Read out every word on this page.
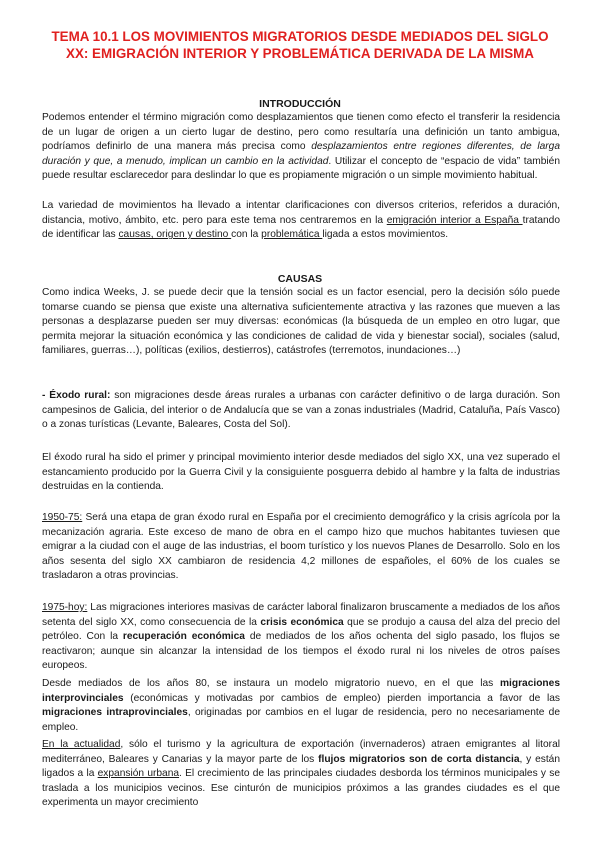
TEMA 10.1 LOS MOVIMIENTOS MIGRATORIOS DESDE MEDIADOS DEL SIGLO XX: EMIGRACIÓN INTERIOR Y PROBLEMÁTICA DERIVADA DE LA MISMA
INTRODUCCIÓN
Podemos entender el término migración como desplazamientos que tienen como efecto el transferir la residencia de un lugar de origen a un cierto lugar de destino, pero como resultaría una definición un tanto ambigua, podríamos definirlo de una manera más precisa como desplazamientos entre regiones diferentes, de larga duración y que, a menudo, implican un cambio en la actividad. Utilizar el concepto de “espacio de vida” también puede resultar esclarecedor para deslindar lo que es propiamente migración o un simple movimiento habitual.
La variedad de movimientos ha llevado a intentar clarificaciones con diversos criterios, referidos a duración, distancia, motivo, ámbito, etc. pero para este tema nos centraremos en la emigración interior a España tratando de identificar las causas, origen y destino con la problemática ligada a estos movimientos.
CAUSAS
Como indica Weeks, J. se puede decir que la tensión social es un factor esencial, pero la decisión sólo puede tomarse cuando se piensa que existe una alternativa suficientemente atractiva y las razones que mueven a las personas a desplazarse pueden ser muy diversas: económicas (la búsqueda de un empleo en otro lugar, que permita mejorar la situación económica y las condiciones de calidad de vida y bienestar social), sociales (salud, familiares, guerras…), políticas (exilios, destierros), catástrofes (terremotos, inundaciones…)
- Éxodo rural: son migraciones desde áreas rurales a urbanas con carácter definitivo o de larga duración. Son campesinos de Galicia, del interior o de Andalucía que se van a zonas industriales (Madrid, Cataluña, País Vasco) o a zonas turísticas (Levante, Baleares, Costa del Sol).
El éxodo rural ha sido el primer y principal movimiento interior desde mediados del siglo XX, una vez superado el estancamiento producido por la Guerra Civil y la consiguiente posguerra debido al hambre y la falta de industrias destruidas en la contienda.
1950-75: Será una etapa de gran éxodo rural en España por el crecimiento demográfico y la crisis agrícola por la mecanización agraria. Este exceso de mano de obra en el campo hizo que muchos habitantes tuviesen que emigrar a la ciudad con el auge de las industrias, el boom turístico y los nuevos Planes de Desarrollo. Solo en los años sesenta del siglo XX cambiaron de residencia 4,2 millones de españoles, el 60% de los cuales se trasladaron a otras provincias.
1975-hoy: Las migraciones interiores masivas de carácter laboral finalizaron bruscamente a mediados de los años setenta del siglo XX, como consecuencia de la crisis económica que se produjo a causa del alza del precio del petróleo. Con la recuperación económica de mediados de los años ochenta del siglo pasado, los flujos se reactivaron; aunque sin alcanzar la intensidad de los tiempos el éxodo rural ni los niveles de otros países europeos.
Desde mediados de los años 80, se instaura un modelo migratorio nuevo, en el que las migraciones interprovinciales (económicas y motivadas por cambios de empleo) pierden importancia a favor de las migraciones intraprovinciales, originadas por cambios en el lugar de residencia, pero no necesariamente de empleo.
En la actualidad, sólo el turismo y la agricultura de exportación (invernaderos) atraen emigrantes al litoral mediterráneo, Baleares y Canarias y la mayor parte de los flujos migratorios son de corta distancia, y están ligados a la expansión urbana. El crecimiento de las principales ciudades desborda los términos municipales y se traslada a los municipios vecinos. Ese cinturón de municipios próximos a las grandes ciudades es el que experimenta un mayor crecimiento
